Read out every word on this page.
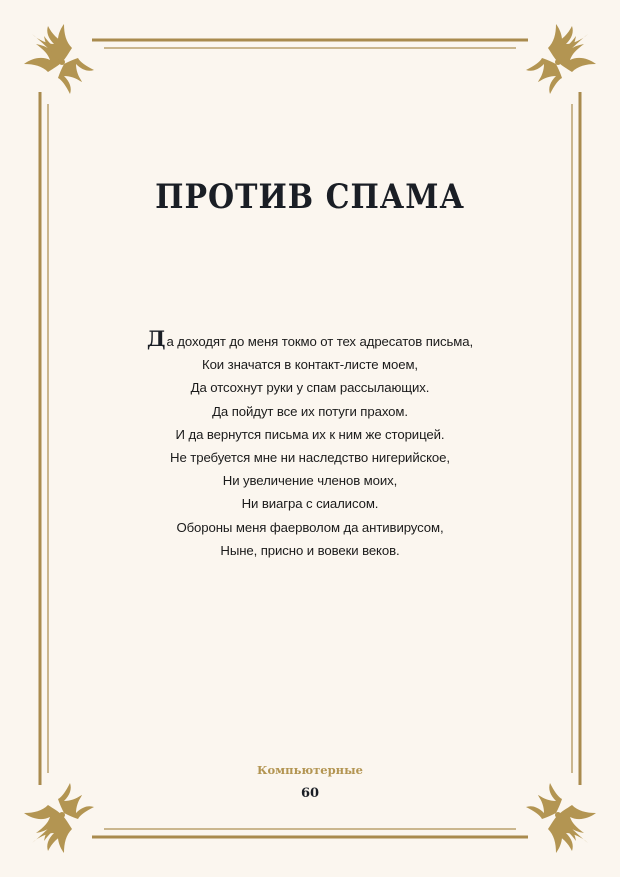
ПРОТИВ СПАМА
Да доходят до меня токмо от тех адресатов письма,
Кои значатся в контакт-листе моем,
Да отсохнут руки у спам рассылающих.
Да пойдут все их потуги прахом.
И да вернутся письма их к ним же сторицей.
Не требуется мне ни наследство нигерийское,
Ни увеличение членов моих,
Ни виагра с сиалисом.
Обороны меня фаерволом да антивирусом,
Ныне, присно и вовеки веков.
Компьютерные
60
